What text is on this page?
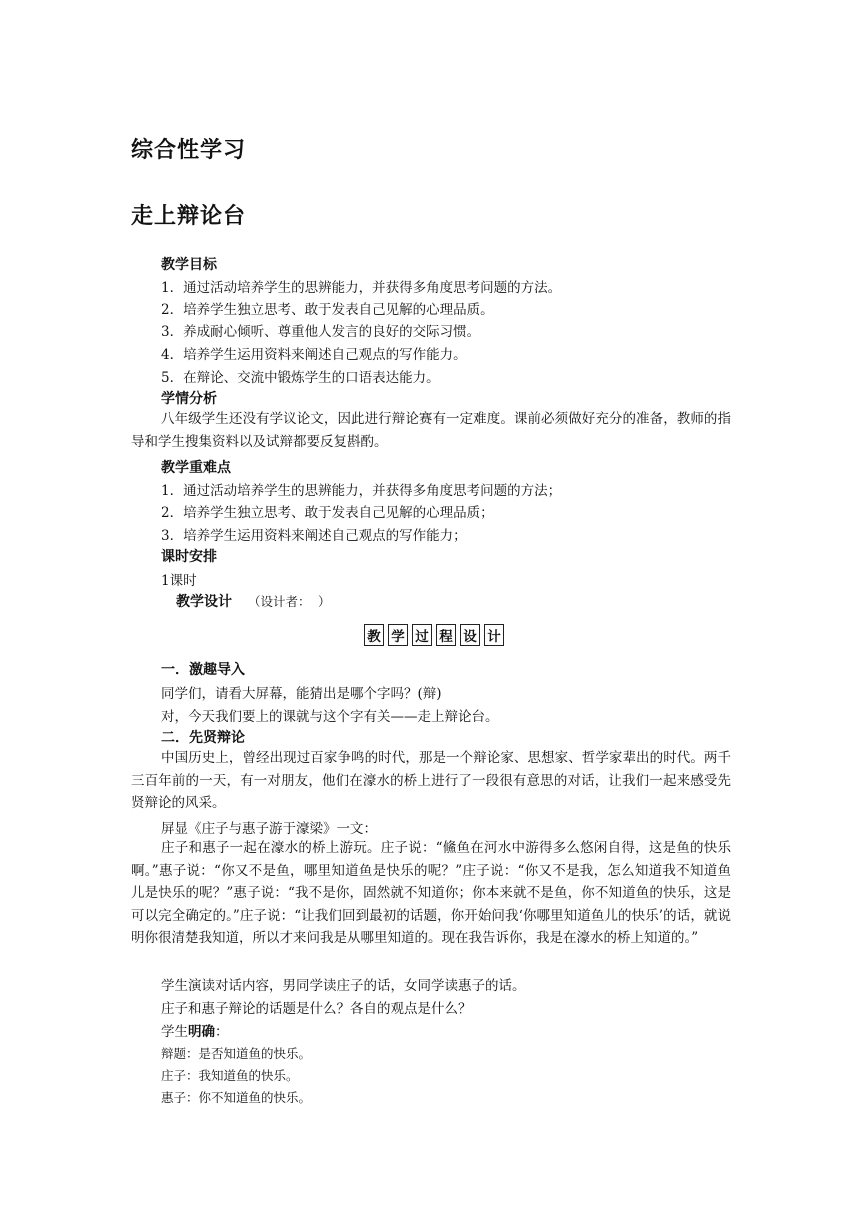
综合性学习
走上辩论台

教学目标

1．通过活动培养学生的思辨能力，并获得多角度思考问题的方法。

2．培养学生独立思考、敢于发表自己见解的心理品质。

3．养成耐心倾听、尊重他人发言的良好的交际习惯。

4．培养学生运用资料来阐述自己观点的写作能力。

5．在辩论、交流中锻炼学生的口语表达能力。

学情分析

八年级学生还没有学议论文，因此进行辩论赛有一定难度。课前必须做好充分的准备，教师的指导和学生搜集资料以及试辩都要反复斟酌。

教学重难点

1．通过活动培养学生的思辨能力，并获得多角度思考问题的方法；

2．培养学生独立思考、敢于发表自己见解的心理品质；

3．培养学生运用资料来阐述自己观点的写作能力；

课时安排

1课时

教学设计 （设计者： ）

教 学 过 程 设 计

一．激趣导入

同学们，请看大屏幕，能猜出是哪个字吗？(辩)

对，今天我们要上的课就与这个字有关——走上辩论台。

二．先贤辩论

中国历史上，曾经出现过百家争鸣的时代，那是一个辩论家、思想家、哲学家辈出的时代。两千三百年前的一天，有一对朋友，他们在濠水的桥上进行了一段很有意思的对话，让我们一起来感受先贤辩论的风采。

屏显《庄子与惠子游于濠梁》一文：

庄子和惠子一起在濠水的桥上游玩。庄子说：“鯈鱼在河水中游得多么悠闲自得，这是鱼的快乐啊。”惠子说：“你又不是鱼，哪里知道鱼是快乐的呢？”庄子说：“你又不是我，怎么知道我不知道鱼儿是快乐的呢？”惠子说：“我不是你，固然就不知道你；你本来就不是鱼，你不知道鱼的快乐，这是可以完全确定的。”庄子说：“让我们回到最初的话题，你开始问我‘你哪里知道鱼儿的快乐’的话，就说明你很清楚我知道，所以才来问我是从哪里知道的。现在我告诉你，我是在濠水的桥上知道的。”

学生演读对话内容，男同学读庄子的话，女同学读惠子的话。

庄子和惠子辩论的话题是什么？各自的观点是什么？

学生明确：

辩题：是否知道鱼的快乐。

庄子：我知道鱼的快乐。

惠子：你不知道鱼的快乐。
